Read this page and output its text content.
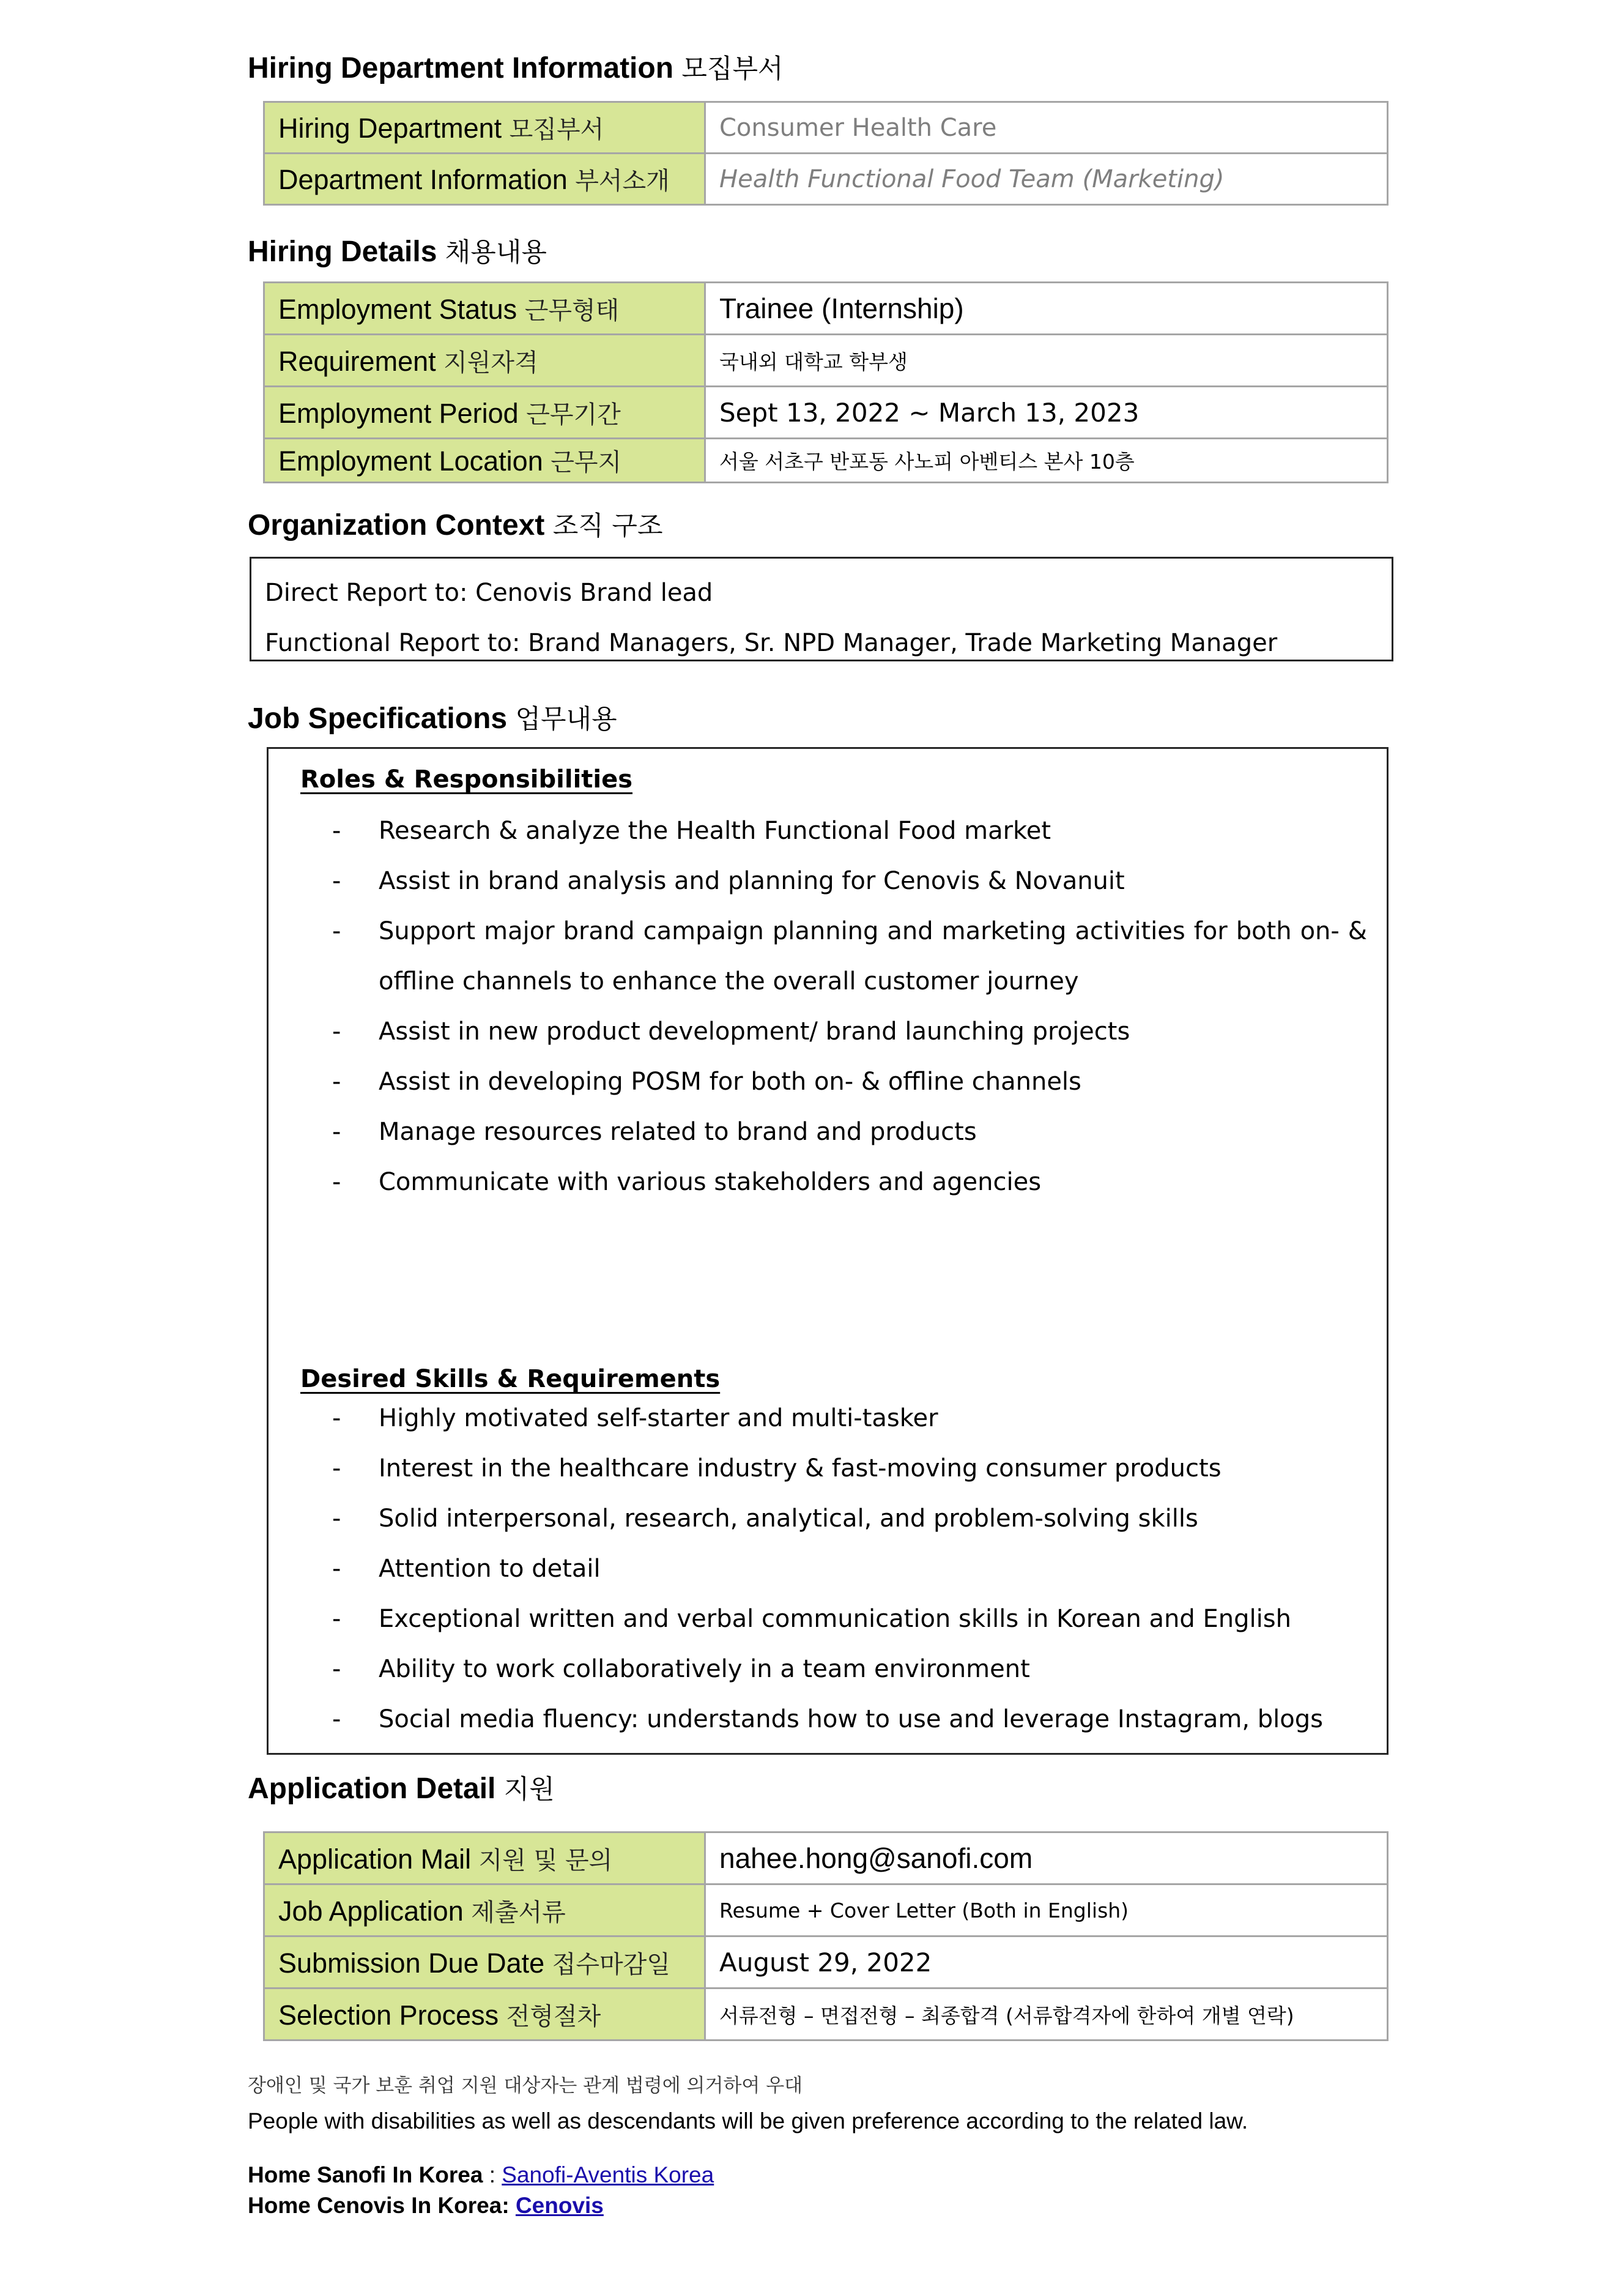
Hiring Department Information 모집부서
Hiring Department 모집부서	Consumer Health Care
Department Information 부서소개	Health Functional Food Team (Marketing)
Hiring Details 채용내용
Employment Status 근무형태	Trainee (Internship)
Requirement 지원자격	국내외 대학교 학부생
Employment Period 근무기간	Sept 13, 2022 ~ March 13, 2023
Employment Location 근무지	서울 서초구 반포동 사노피 아벤티스 본사 10층
Organization Context 조직 구조
Direct Report to: Cenovis Brand lead
Functional Report to: Brand Managers, Sr. NPD Manager, Trade Marketing Manager
Job Specifications 업무내용
Roles & Responsibilities
- Research & analyze the Health Functional Food market
- Assist in brand analysis and planning for Cenovis & Novanuit
- Support major brand campaign planning and marketing activities for both on- &
offline channels to enhance the overall customer journey
- Assist in new product development/ brand launching projects
- Assist in developing POSM for both on- & offline channels
- Manage resources related to brand and products
- Communicate with various stakeholders and agencies
Desired Skills & Requirements
- Highly motivated self-starter and multi-tasker
- Interest in the healthcare industry & fast-moving consumer products
- Solid interpersonal, research, analytical, and problem-solving skills
- Attention to detail
- Exceptional written and verbal communication skills in Korean and English
- Ability to work collaboratively in a team environment
- Social media fluency: understands how to use and leverage Instagram, blogs
Application Detail 지원
Application Mail 지원 및 문의	nahee.hong@sanofi.com
Job Application 제출서류	Resume + Cover Letter (Both in English)
Submission Due Date 접수마감일	August 29, 2022
Selection Process 전형절차	서류전형 – 면접전형 – 최종합격 (서류합격자에 한하여 개별 연락)
장애인 및 국가 보훈 취업 지원 대상자는 관계 법령에 의거하여 우대
People with disabilities as well as descendants will be given preference according to the related law.
Home Sanofi In Korea : Sanofi-Aventis Korea
Home Cenovis In Korea: Cenovis
